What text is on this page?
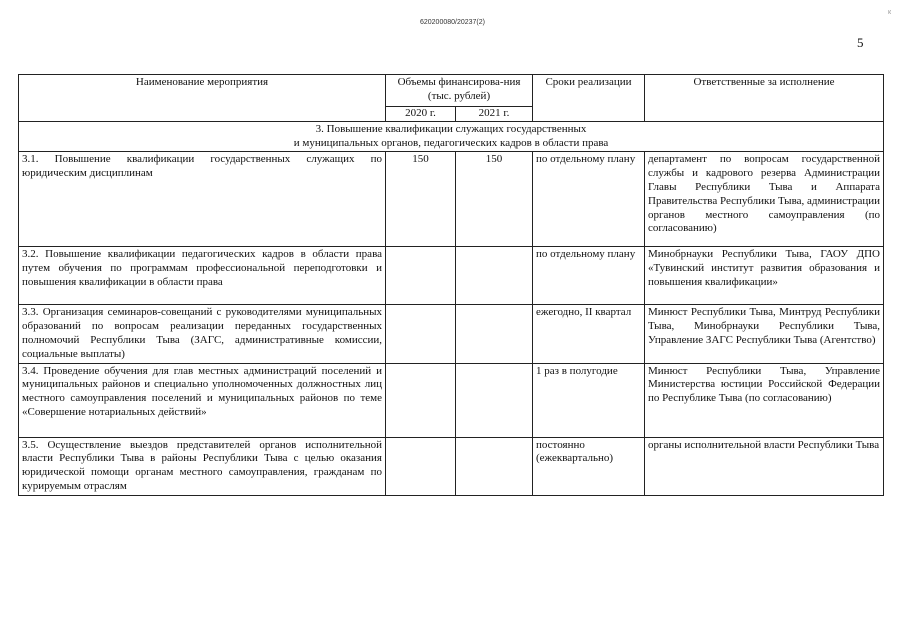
620200080/20237(2)
к
5
Наименование мероприятия	Объемы финансирова-ния (тыс. рублей)		Сроки реализации	Ответственные за исполнение
	2020 г.	2021 г.		

3. Повышение квалификации служащих государственных
и муниципальных органов, педагогических кадров в области права				

3.1. Повышение квалификации государственных служащих по юридическим дисциплинам	150	150	по отдельному плану	департамент по вопросам государственной службы и кадрового резерва Администрации Главы Республики Тыва и Аппарата Правительства Республики Тыва, администрации органов местного самоуправления (по согласованию)
3.2. Повышение квалификации педагогических кадров в области права путем обучения по программам профессиональной переподготовки и повышения квалификации в области права			по отдельному плану	Минобрнауки Республики Тыва, ГАОУ ДПО «Тувинский институт развития образования и повышения квалификации»
3.3. Организация семинаров-совещаний с руководителями муниципальных образований по вопросам реализации переданных государственных полномочий Республики Тыва (ЗАГС, административные комиссии, социальные выплаты)			ежегодно, II квартал	Минюст Республики Тыва, Минтруд Республики Тыва, Минобрнауки Республики Тыва, Управление ЗАГС Республики Тыва (Агентство)
3.4. Проведение обучения для глав местных администраций поселений и муниципальных районов и специально уполномоченных должностных лиц местного самоуправления поселений и муниципальных районов по теме «Совершение нотариальных действий»			1 раз в полугодие	Минюст Республики Тыва, Управление Министерства юстиции Российской Федерации по Республике Тыва (по согласованию)
3.5. Осуществление выездов представителей органов исполнительной власти Республики Тыва в районы Республики Тыва с целью оказания юридической помощи органам местного самоуправления, гражданам по курируемым отраслям			постоянно (ежеквартально)	органы исполнительной власти Республики Тыва
